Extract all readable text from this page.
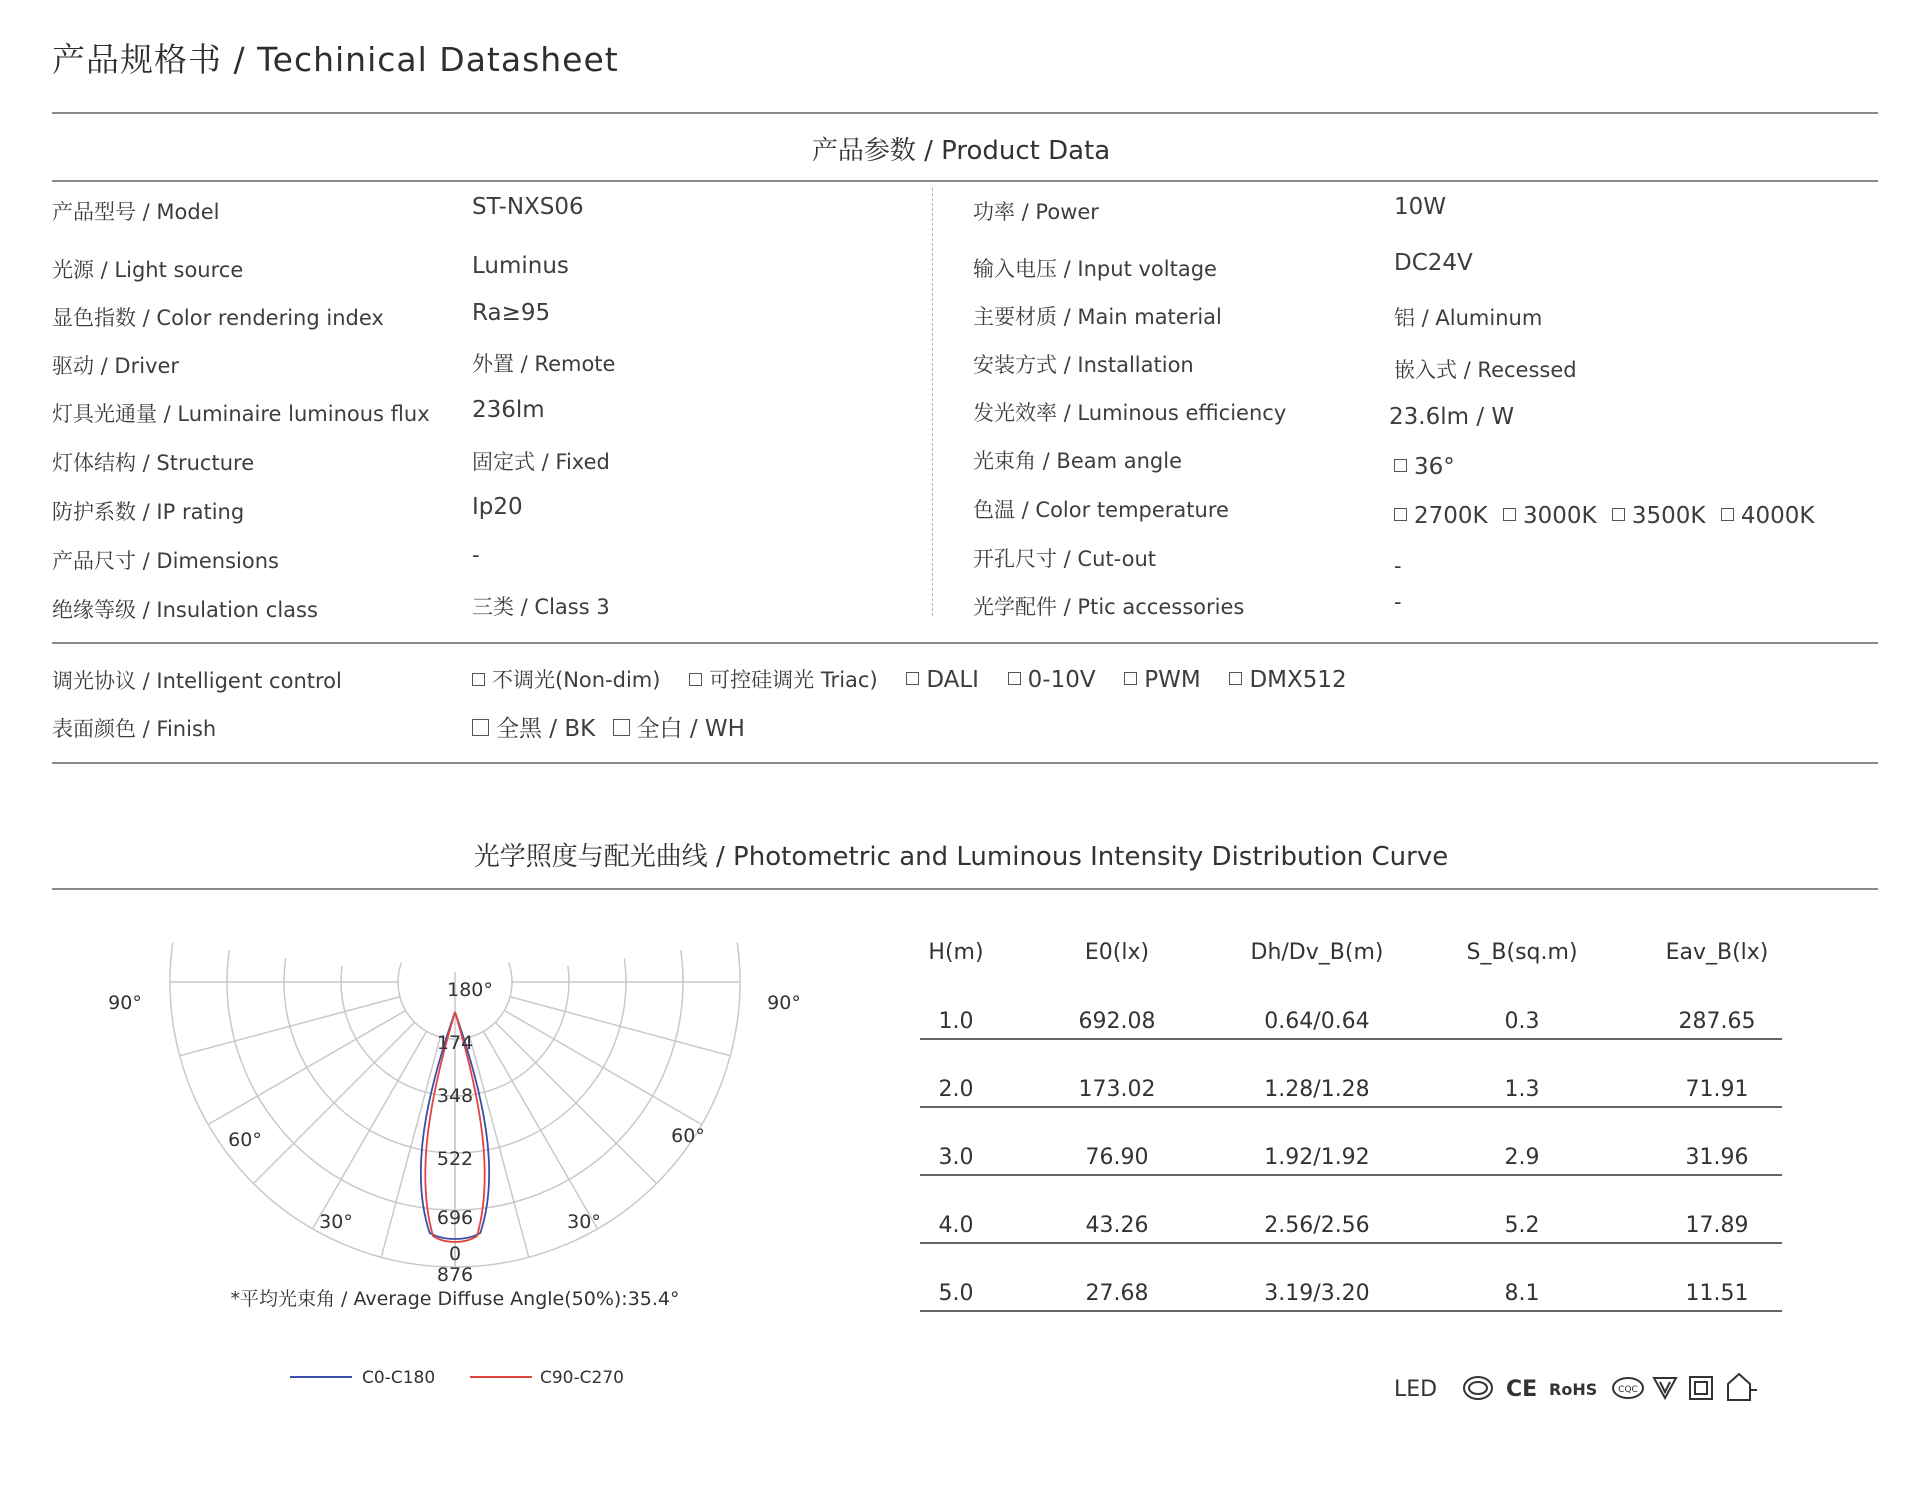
产品规格书 / Techinical Datasheet
产品参数 / Product Data
产品型号 / Model	ST-NXS06
光源 / Light source	Luminus
显色指数 / Color rendering index	Ra≥95
驱动 / Driver	外置 / Remote
灯具光通量 / Luminaire luminous flux 236lm
灯体结构 / Structure	固定式 / Fixed
防护系数 / IP rating	Ip20
产品尺寸 / Dimensions	-
绝缘等级 / Insulation class	三类 / Class 3
功率 / Power	10W
输入电压 / Input voltage	DC24V
主要材质 / Main material	铝 / Aluminum
安装方式 / Installation	嵌入式 / Recessed
发光效率 / Luminous efficiency	23.6lm / W
光束角 / Beam angle	36°
色温 / Color temperature	2700K 3000K 3500K 4000K
开孔尺寸 / Cut-out	-
光学配件 / Ptic accessories	-
调光协议 / Intelligent control	不调光(Non-dim) 可控硅调光 Triac) DALI 0-10V PWM DMX512
表面颜色 / Finish	全黑 / BK 全白 / WH
光学照度与配光曲线 / Photometric and Luminous Intensity Distribution Curve
90°	90°
180°
60°	60°
30°	30°
0
174
348
522
696
876
*平均光束角 / Average Diffuse Angle(50%):35.4°
C0-C180	C90-C270
H(m)	E0(lx)	Dh/Dv_B(m)	S_B(sq.m)	Eav_B(lx)
1.0	692.08	0.64/0.64	0.3	287.65
2.0	173.02	1.28/1.28	1.3	71.91
3.0	76.90	1.92/1.92	2.9	31.96
4.0	43.26	2.56/2.56	5.2	17.89
5.0	27.68	3.19/3.20	8.1	11.51
LED	CE RoHS CQC
